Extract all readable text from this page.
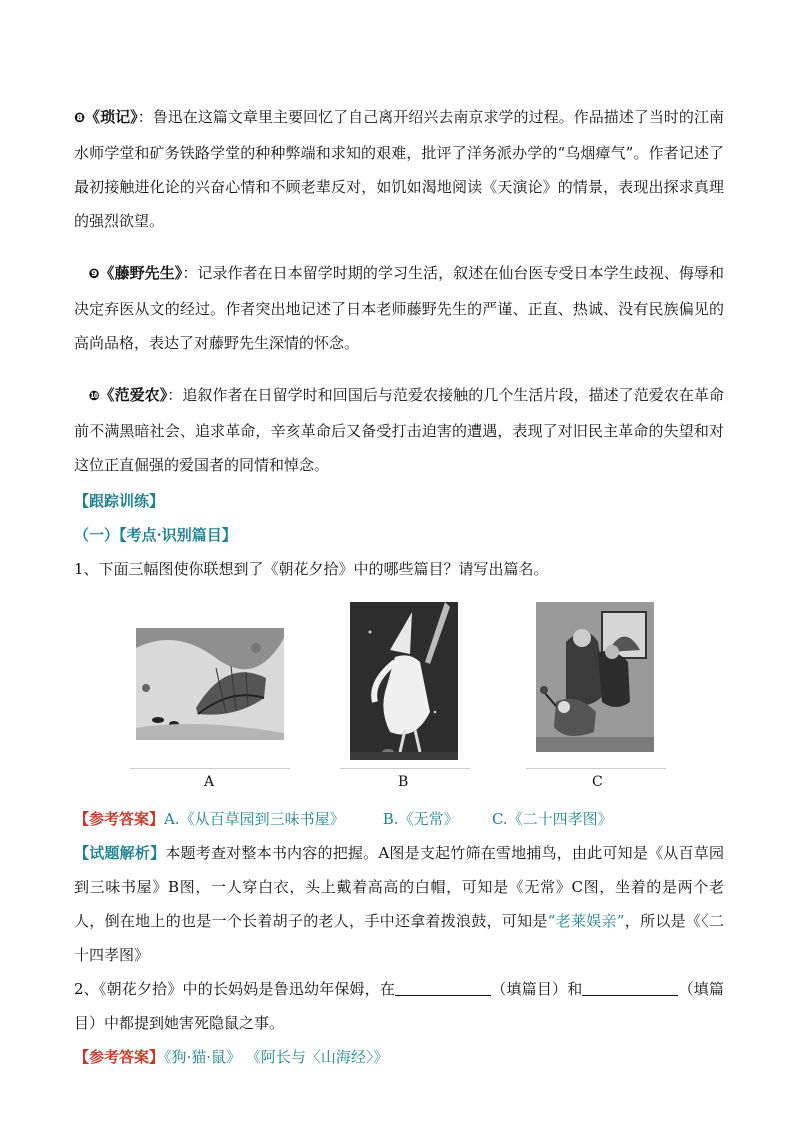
❽《琐记》：鲁迅在这篇文章里主要回忆了自己离开绍兴去南京求学的过程。作品描述了当时的江南水师学堂和矿务铁路学堂的种种弊端和求知的艰难，批评了洋务派办学的“乌烟瘴气”。作者记述了最初接触进化论的兴奋心情和不顾老辈反对，如饥如渴地阅读《天演论》的情景，表现出探求真理的强烈欲望。

❾《藤野先生》：记录作者在日本留学时期的学习生活，叙述在仙台医专受日本学生歧视、侮辱和决定弃医从文的经过。作者突出地记述了日本老师藤野先生的严谨、正直、热诚、没有民族偏见的高尚品格，表达了对藤野先生深情的怀念。

❿《范爱农》：追叙作者在日留学时和回国后与范爱农接触的几个生活片段，描述了范爱农在革命前不满黑暗社会、追求革命，辛亥革命后又备受打击迫害的遭遇，表现了对旧民主革命的失望和对这位正直倔强的爱国者的同情和悼念。

【跟踪训练】

（一）【考点·识别篇目】

1、下面三幅图使你联想到了《朝花夕拾》中的哪些篇目？请写出篇名。

A	B	C

【参考答案】A.《从百草园到三味书屋》	B.《无常》 C.《二十四孝图》

【试题解析】本题考查对整本书内容的把握。A图是支起竹筛在雪地捕鸟，由此可知是《从百草园到三味书屋》B图，一人穿白衣，头上戴着高高的白帽，可知是《无常》C图，坐着的是两个老人，倒在地上的也是一个长着胡子的老人，手中还拿着拨浪鼓，可知是“老莱娱亲”，所以是《〈二十四孝图》

2、《朝花夕拾》中的长妈妈是鲁迅幼年保姆，在	（填篇目）和	（填篇目）中都提到她害死隐鼠之事。

【参考答案】《狗·猫·鼠》 《阿长与〈山海经〉》
